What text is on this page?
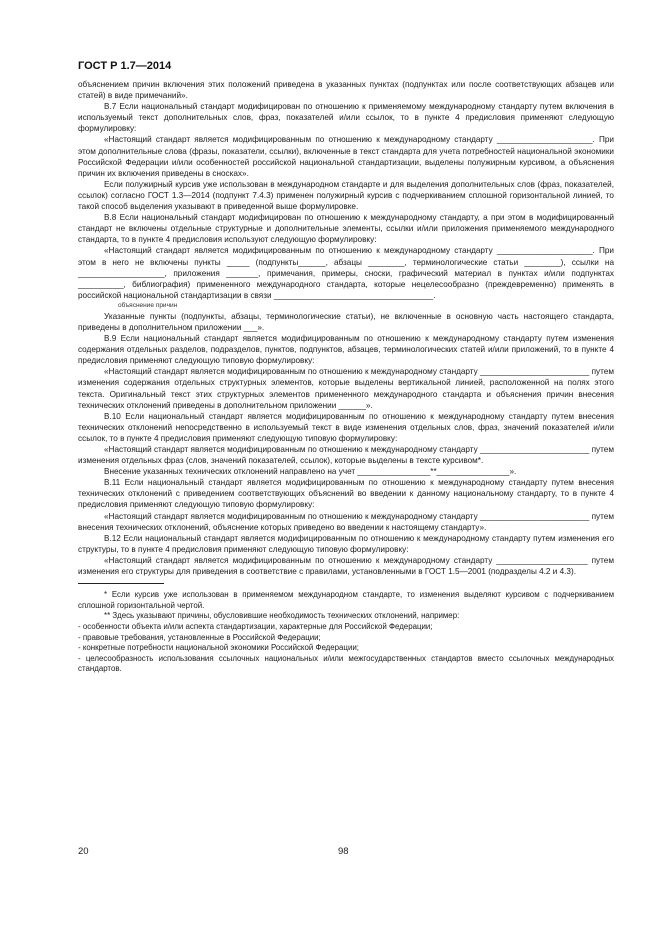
ГОСТ Р 1.7—2014

объяснением причин включения этих положений приведена в указанных пунктах (подпунктах или после соответствующих абзацев или статей) в виде примечаний».

В.7 Если национальный стандарт модифицирован по отношению к применяемому международному стандарту путем включения в используемый текст дополнительных слов, фраз, показателей и/или ссылок, то в пункте 4 предисловия применяют следующую формулировку:

«Настоящий стандарт является модифицированным по отношению к международному стандарту _____________________. При этом дополнительные слова (фразы, показатели, ссылки), включенные в текст стандарта для учета потребностей национальной экономики Российской Федерации и/или особенностей российской национальной стандартизации, выделены полужирным курсивом, а объяснения причин их включения приведены в сносках».

Если полужирный курсив уже использован в международном стандарте и для выделения дополнительных слов (фраз, показателей, ссылок) согласно ГОСТ 1.3—2014 (подпункт 7.4.3) применен полужирный курсив с подчеркиванием сплошной горизонтальной линией, то такой способ выделения указывают в приведенной выше формулировке.

В.8 Если национальный стандарт модифицирован по отношению к международному стандарту, а при этом в модифицированный стандарт не включены отдельные структурные и дополнительные элементы, ссылки и/или приложения применяемого международного стандарта, то в пункте 4 предисловия используют следующую формулировку:

«Настоящий стандарт является модифицированным по отношению к международному стандарту _____________________. При этом в него не включены пункты _____ (подпункты______, абзацы ________, терминологические статьи ________), ссылки на ___________________, приложения _______, примечания, примеры, сноски, графический материал в пунктах и/или подпунктах __________, библиография) примененного международного стандарта, которые нецелесообразно (преждевременно) применять в российской национальной стандартизации в связи ___________________________________.

объяснение причин

Указанные пункты (подпункты, абзацы, терминологические статьи), не включенные в основную часть настоящего стандарта, приведены в дополнительном приложении ___».

В.9 Если национальный стандарт является модифицированным по отношению к международному стандарту путем изменения содержания отдельных разделов, подразделов, пунктов, подпунктов, абзацев, терминологических статей и/или приложений, то в пункте 4 предисловия применяют следующую типовую формулировку:

«Настоящий стандарт является модифицированным по отношению к международному стандарту ________________________ путем изменения содержания отдельных структурных элементов, которые выделены вертикальной линией, расположенной на полях этого текста. Оригинальный текст этих структурных элементов примененного международного стандарта и объяснения причин внесения технических отклонений приведены в дополнительном приложении ______».

В.10 Если национальный стандарт является модифицированным по отношению к международному стандарту путем внесения технических отклонений непосредственно в используемый текст в виде изменения отдельных слов, фраз, значений показателей и/или ссылок, то в пункте 4 предисловия применяют следующую типовую формулировку:

«Настоящий стандарт является модифицированным по отношению к международному стандарту ________________________ путем изменения отдельных фраз (слов, значений показателей, ссылок), которые выделены в тексте курсивом*.

Внесение указанных технических отклонений направлено на учет ________________**________________».

В.11 Если национальный стандарт является модифицированным по отношению к международному стандарту путем внесения технических отклонений с приведением соответствующих объяснений во введении к данному национальному стандарту, то в пункте 4 предисловия применяют следующую типовую формулировку:

«Настоящий стандарт является модифицированным по отношению к международному стандарту ________________________ путем внесения технических отклонений, объяснение которых приведено во введении к настоящему стандарту».

В.12 Если национальный стандарт является модифицированным по отношению к международному стандарту путем изменения его структуры, то в пункте 4 предисловия применяют следующую типовую формулировку:

«Настоящий стандарт является модифицированным по отношению к международному стандарту ____________________ путем изменения его структуры для приведения в соответствие с правилами, установленными в ГОСТ 1.5—2001 (подразделы 4.2 и 4.3).

* Если курсив уже использован в применяемом международном стандарте, то изменения выделяют курсивом с подчеркиванием сплошной горизонтальной чертой.

** Здесь указывают причины, обусловившие необходимость технических отклонений, например:

- особенности объекта и/или аспекта стандартизации, характерные для Российской Федерации;

- правовые требования, установленные в Российской Федерации;

- конкретные потребности национальной экономики Российской Федерации;

- целесообразность использования ссылочных национальных и/или межгосударственных стандартов вместо ссылочных международных стандартов.

20	98
